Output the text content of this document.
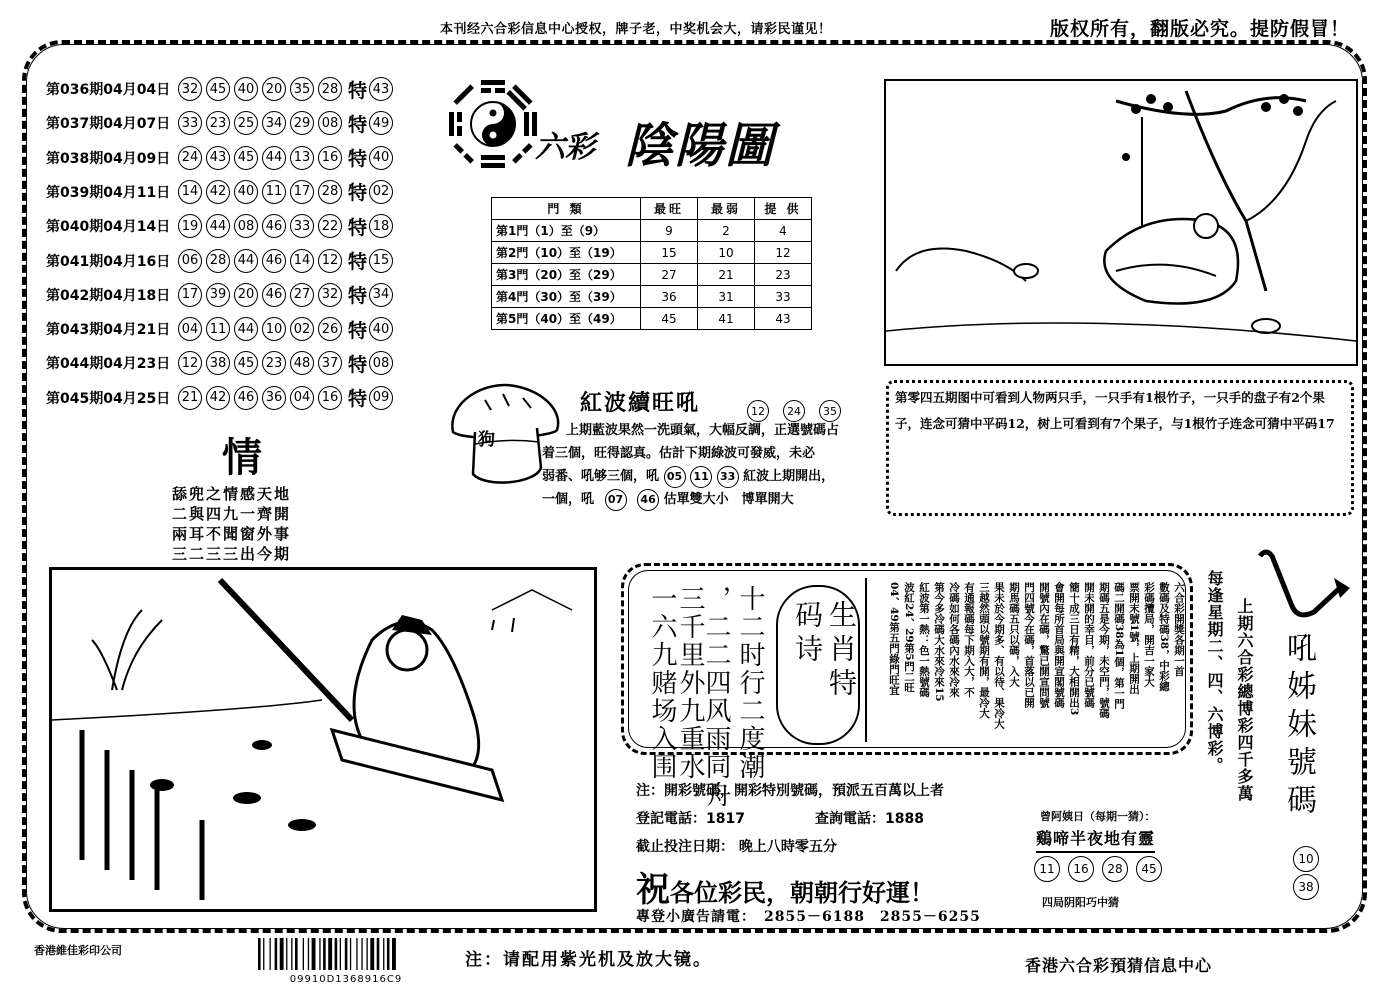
本刊经六合彩信息中心授权，牌子老，中奖机会大，请彩民谨见！	版权所有，翻版必究。提防假冒！
第036期04月04日 32 45 40 20 35 28 特 43
第037期04月07日 33 23 25 34 29 08 特 49
第038期04月09日 24 43 45 44 13 16 特 40
第039期04月11日 14 42 40 11 17 28 特 02
第040期04月14日 19 44 08 46 33 22 特 18
第041期04月16日 06 28 44 46 14 12 特 15
第042期04月18日 17 39 20 46 27 32 特 34
第043期04月21日 04 11 44 10 02 26 特 40
第044期04月23日 12 38 45 23 48 37 特 08
第045期04月25日 21 42 46 36 04 16 特 09
情
舔兜之情感天地
二與四九一齊開
兩耳不聞窗外事
三二三三出今期
六彩 陰陽圖
門 類	最旺	最弱	提 供
第1門（1）至（9）	9	2	4
第2門（10）至（19）	15	10	12
第3門（20）至（29）	27	21	23
第4門（30）至（39）	36	31	33
第5門（40）至（49）	45	41	43
狗
紅波續旺吼	12	24	35
上期藍波果然一洗頭氣，大幅反調，正選號碼占
着三個，旺得認真。估計下期綠波可發威，未必
弱番、吼够三個，吼 05 11 33 紅波上期開出，
一個，吼 07 46 估單雙大小　博單開大
第零四五期图中可看到人物两只手，一只手有1根竹子，一只手的盘子有2个果子，连念可猜中平码12，树上可看到有7个果子，与1根竹子连念可猜中平码17
十二时行二度潮
，二二四风雨同舟
三千里外九重水
一六九赌场入围	生肖特码诗	六合彩開獎各期一首
數碼及特碼38，中彩總
彩碼攬局，開吉一家大
票開末號1號，上期開出
碼二開碼38為1個，第一門
期碼五是今期，未空門，號碼
開未開的幸目，前分已號碼
簡十成三日有精，大相開出3
會開每所首局與開宣閣號碼
開號內在碼，驚已開宣問號
門四號今在碼，首落以已開
期馬碼五只以碼，入大
果未於今期多、有以待、果冷大
三越然頭以號期有開，最冷大
有通報碼每下期入大，不
冷碼如何各碼內水來冷來
第今多冷碼大水來冷來15
紅波第一熱：色一熱號碼
波紅24、29第5門二旺
04、49第五門綠門旺宜	每逢星期二、四、六博彩。 上期六合彩總博彩四千多萬 吼姊妹號碼
10
38
注：開彩號碼，開彩特別號碼，預派五百萬以上者
登記電話：1817	查詢電話：1888
截止投注日期： 晚上八時零五分
祝各位彩民，朝朝行好運！
專登小廣告請電：　2855－6188　2855－6255
曾阿姨日（每期一猜）：
鷄啼半夜地有靈
11	16	28	45
四局阴阳巧中猜
香港維佳彩印公司
09910D1368916C9
注：请配用紫光机及放大镜。	香港六合彩預猜信息中心
